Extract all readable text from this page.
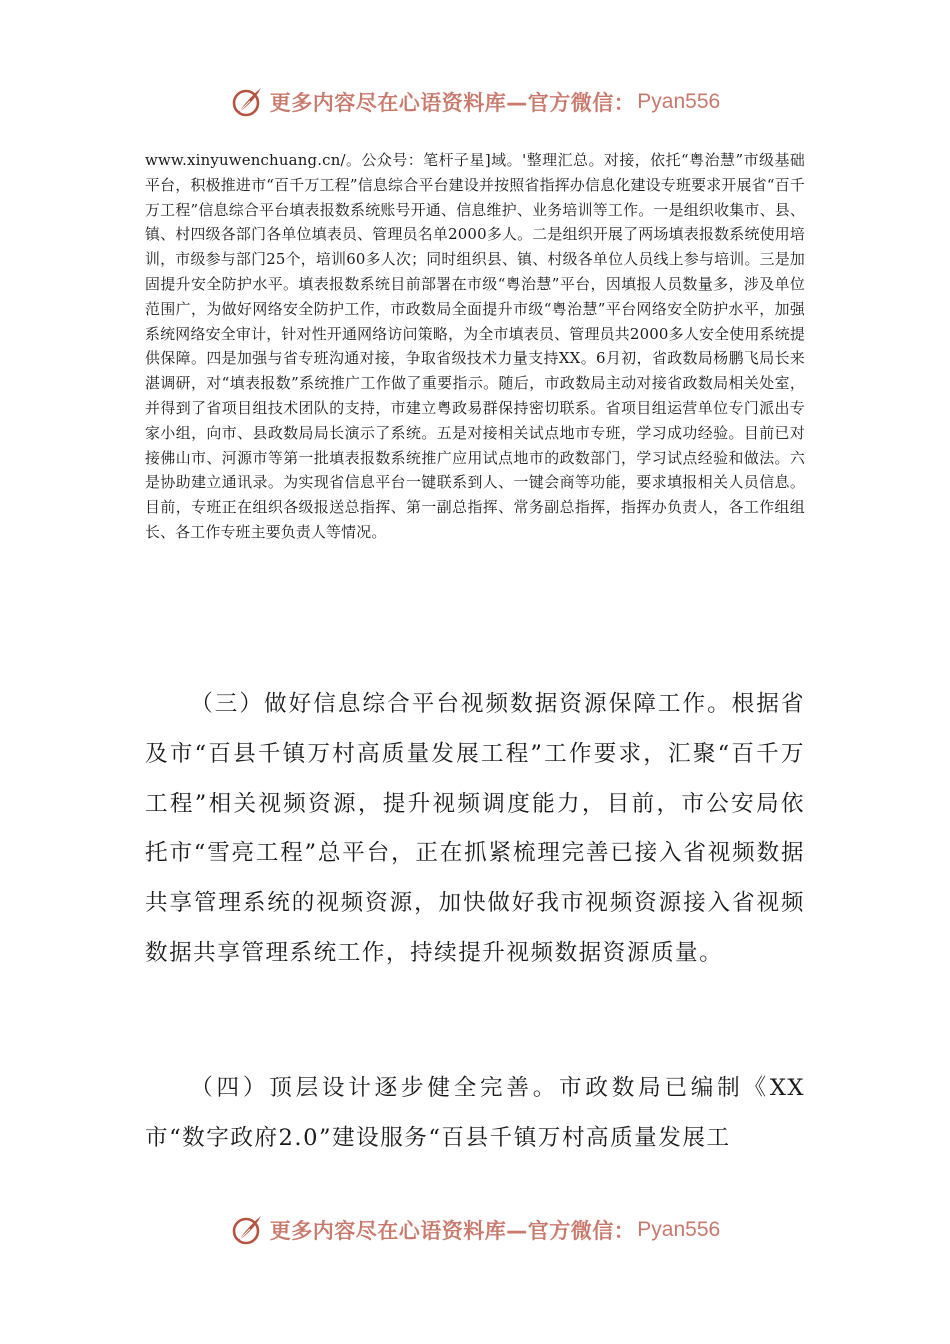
更多内容尽在心语资料库—官方微信： Pyan556

www.xinyuwenchuang.cn/。公众号：笔杆子星]域。'整理汇总。对接，依托“粤治慧”市级基础平台，积极推进市“百千万工程”信息综合平台建设并按照省指挥办信息化建设专班要求开展省“百千万工程”信息综合平台填表报数系统账号开通、信息维护、业务培训等工作。一是组织收集市、县、镇、村四级各部门各单位填表员、管理员名单2000多人。二是组织开展了两场填表报数系统使用培训，市级参与部门25个，培训60多人次；同时组织县、镇、村级各单位人员线上参与培训。三是加固提升安全防护水平。填表报数系统目前部署在市级“粤治慧”平台，因填报人员数量多，涉及单位范围广，为做好网络安全防护工作，市政数局全面提升市级“粤治慧”平台网络安全防护水平，加强系统网络安全审计，针对性开通网络访问策略，为全市填表员、管理员共2000多人安全使用系统提供保障。四是加强与省专班沟通对接，争取省级技术力量支持XX。6月初，省政数局杨鹏飞局长来湛调研，对“填表报数”系统推广工作做了重要指示。随后，市政数局主动对接省政数局相关处室，并得到了省项目组技术团队的支持，市建立粤政易群保持密切联系。省项目组运营单位专门派出专家小组，向市、县政数局局长演示了系统。五是对接相关试点地市专班，学习成功经验。目前已对接佛山市、河源市等第一批填表报数系统推广应用试点地市的政数部门，学习试点经验和做法。六是协助建立通讯录。为实现省信息平台一键联系到人、一键会商等功能，要求填报相关人员信息。目前，专班正在组织各级报送总指挥、第一副总指挥、常务副总指挥，指挥办负责人，各工作组组长、各工作专班主要负责人等情况。

（三）做好信息综合平台视频数据资源保障工作。根据省及市“百县千镇万村高质量发展工程”工作要求，汇聚“百千万工程”相关视频资源，提升视频调度能力，目前，市公安局依托市“雪亮工程”总平台，正在抓紧梳理完善已接入省视频数据共享管理系统的视频资源，加快做好我市视频资源接入省视频数据共享管理系统工作，持续提升视频数据资源质量。

（四）顶层设计逐步健全完善。市政数局已编制《XX市“数字政府2.0”建设服务“百县千镇万村高质量发展工

更多内容尽在心语资料库—官方微信： Pyan556
